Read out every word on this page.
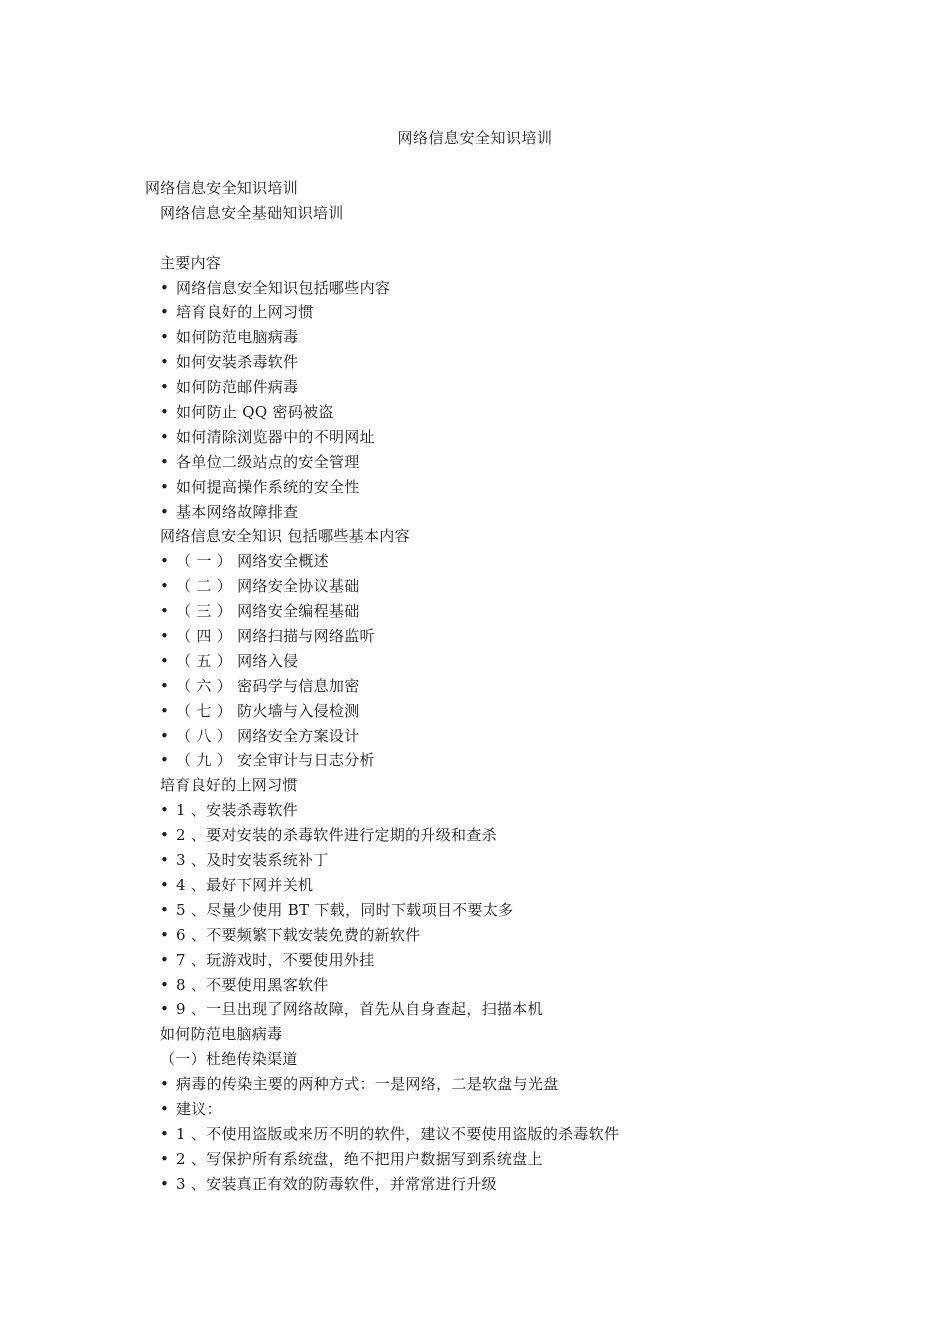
网络信息安全知识培训
网络信息安全知识培训
网络信息安全基础知识培训
主要内容
• 网络信息安全知识包括哪些内容
• 培育良好的上网习惯
• 如何防范电脑病毒
• 如何安装杀毒软件
• 如何防范邮件病毒
• 如何防止 QQ 密码被盗
• 如何清除浏览器中的不明网址
• 各单位二级站点的安全管理
• 如何提高操作系统的安全性
• 基本网络故障排查
网络信息安全知识 包括哪些基本内容
• （ 一 ） 网络安全概述
• （ 二 ） 网络安全协议基础
• （ 三 ） 网络安全编程基础
• （ 四 ） 网络扫描与网络监听
• （ 五 ） 网络入侵
• （ 六 ） 密码学与信息加密
• （ 七 ） 防火墙与入侵检测
• （ 八 ） 网络安全方案设计
• （ 九 ） 安全审计与日志分析
培育良好的上网习惯
• 1 、安装杀毒软件
• 2 、要对安装的杀毒软件进行定期的升级和查杀
• 3 、及时安装系统补丁
• 4 、最好下网并关机
• 5 、尽量少使用 BT 下载，同时下载项目不要太多
• 6 、不要频繁下载安装免费的新软件
• 7 、玩游戏时，不要使用外挂
• 8 、不要使用黑客软件
• 9 、一旦出现了网络故障，首先从自身查起，扫描本机
如何防范电脑病毒
（一）杜绝传染渠道
• 病毒的传染主要的两种方式：一是网络，二是软盘与光盘
• 建议：
• 1 、不使用盗版或来历不明的软件，建议不要使用盗版的杀毒软件
• 2 、写保护所有系统盘，绝不把用户数据写到系统盘上
• 3 、安装真正有效的防毒软件，并常常进行升级
